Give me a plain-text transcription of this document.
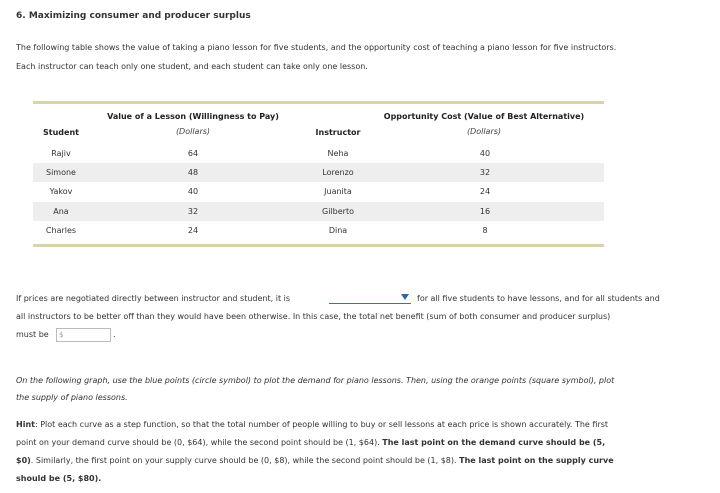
6. Maximizing consumer and producer surplus
The following table shows the value of taking a piano lesson for five students, and the opportunity cost of teaching a piano lesson for five instructors.
Each instructor can teach only one student, and each student can take only one lesson.
Value of a Lesson (Willingness to Pay)
(Dollars)
Student	Instructor
Opportunity Cost (Value of Best Alternative)
(Dollars)
Rajiv	64	Neha	40
Simone	48	Lorenzo	32
Yakov	40	Juanita	24
Ana	32	Gilberto	16
Charles	24	Dina	8
If prices are negotiated directly between instructor and student, it is	for all five students to have lessons, and for all students and
all instructors to be better off than they would have been otherwise. In this case, the total net benefit (sum of both consumer and producer surplus)
must be $	.
On the following graph, use the blue points (circle symbol) to plot the demand for piano lessons. Then, using the orange points (square symbol), plot
the supply of piano lessons.
Hint: Plot each curve as a step function, so that the total number of people willing to buy or sell lessons at each price is shown accurately. The first
point on your demand curve should be (0, $64), while the second point should be (1, $64). The last point on the demand curve should be (5,
$0). Similarly, the first point on your supply curve should be (0, $8), while the second point should be (1, $8). The last point on the supply curve
should be (5, $80).
